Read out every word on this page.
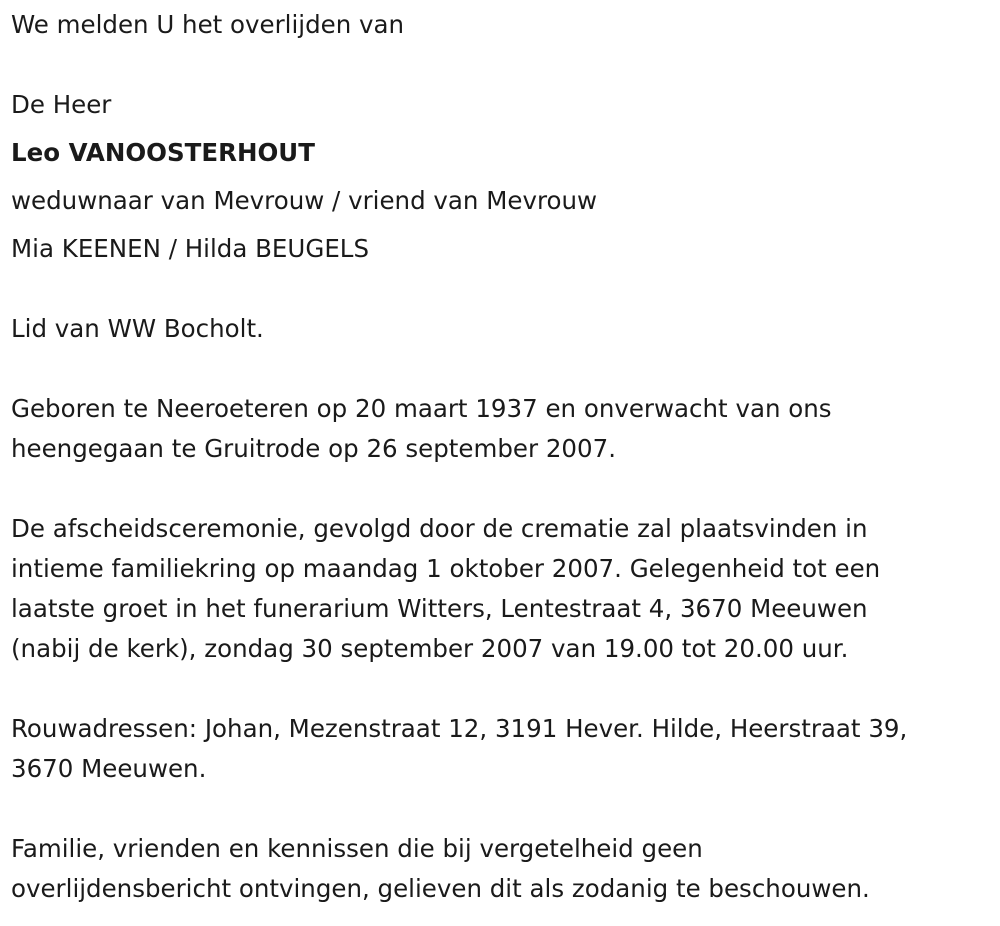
We melden U het overlijden van
De Heer
Leo VANOOSTERHOUT
weduwnaar van Mevrouw / vriend van Mevrouw
Mia KEENEN / Hilda BEUGELS
Lid van WW Bocholt.
Geboren te Neeroeteren op 20 maart 1937 en onverwacht van ons
heengegaan te Gruitrode op 26 september 2007.
De afscheidsceremonie, gevolgd door de crematie zal plaatsvinden in
intieme familiekring op maandag 1 oktober 2007. Gelegenheid tot een
laatste groet in het funerarium Witters, Lentestraat 4, 3670 Meeuwen
(nabij de kerk), zondag 30 september 2007 van 19.00 tot 20.00 uur.
Rouwadressen: Johan, Mezenstraat 12, 3191 Hever. Hilde, Heerstraat 39,
3670 Meeuwen.
Familie, vrienden en kennissen die bij vergetelheid geen
overlijdensbericht ontvingen, gelieven dit als zodanig te beschouwen.
